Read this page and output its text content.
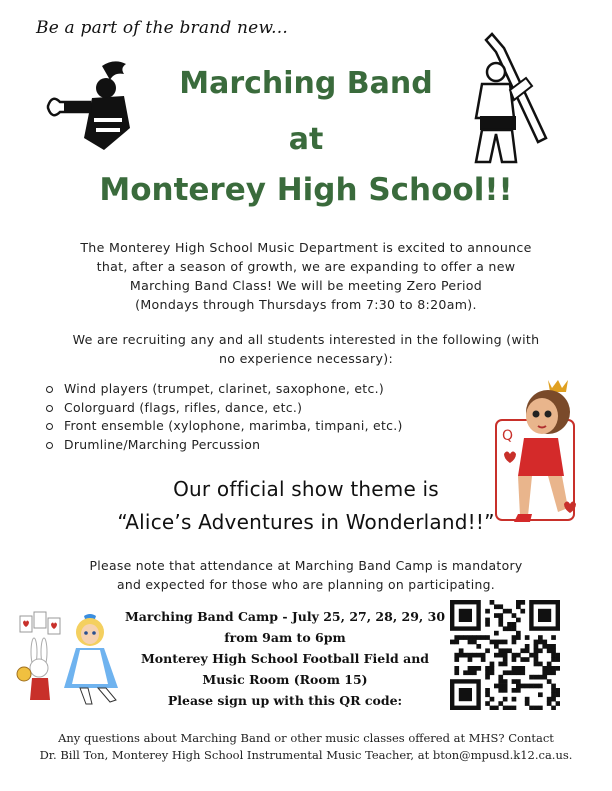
Be a part of the brand new...
Marching Band
at
Monterey High School!!
The Monterey High School Music Department is excited to announce
that, after a season of growth, we are expanding to offer a new
Marching Band Class! We will be meeting Zero Period
(Mondays through Thursdays from 7:30 to 8:20am).
We are recruiting any and all students interested in the following (with
no experience necessary):
Wind players (trumpet, clarinet, saxophone, etc.)
Colorguard (flags, rifles, dance, etc.)
Front ensemble (xylophone, marimba, timpani, etc.)
Drumline/Marching Percussion	Q
Our official show theme is
“Alice’s Adventures in Wonderland!!”
Please note that attendance at Marching Band Camp is mandatory
and expected for those who are planning on participating.
Marching Band Camp - July 25, 27, 28, 29, 30
from 9am to 6pm
Monterey High School Football Field and
Music Room (Room 15)
Please sign up with this QR code:
Any questions about Marching Band or other music classes offered at MHS? Contact
Dr. Bill Ton, Monterey High School Instrumental Music Teacher, at bton@mpusd.k12.ca.us.
